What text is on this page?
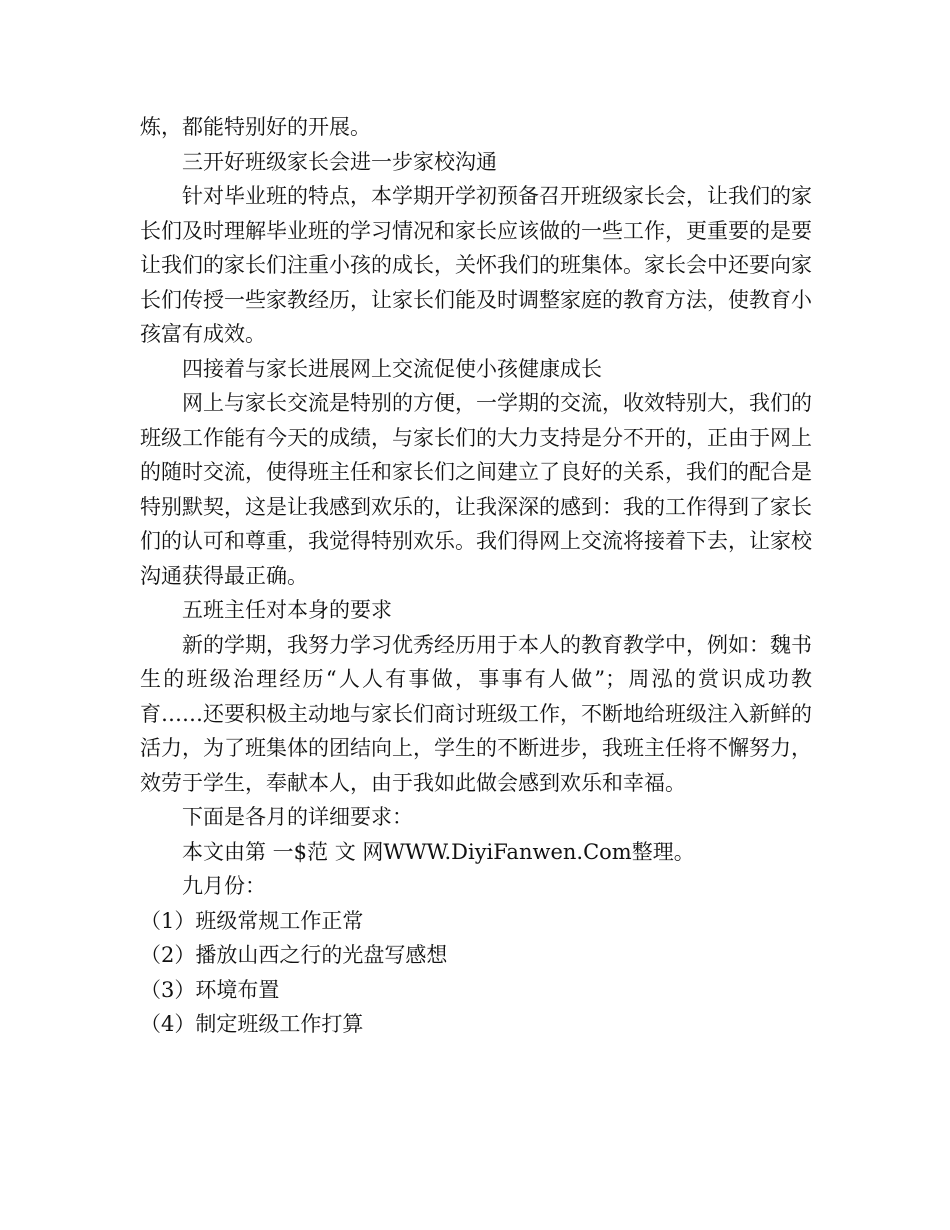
炼，都能特别好的开展。

三开好班级家长会进一步家校沟通

针对毕业班的特点，本学期开学初预备召开班级家长会，让我们的家长们及时理解毕业班的学习情况和家长应该做的一些工作，更重要的是要让我们的家长们注重小孩的成长，关怀我们的班集体。家长会中还要向家长们传授一些家教经历，让家长们能及时调整家庭的教育方法，使教育小孩富有成效。

四接着与家长进展网上交流促使小孩健康成长

网上与家长交流是特别的方便，一学期的交流，收效特别大，我们的班级工作能有今天的成绩，与家长们的大力支持是分不开的，正由于网上的随时交流，使得班主任和家长们之间建立了良好的关系，我们的配合是特别默契，这是让我感到欢乐的，让我深深的感到：我的工作得到了家长们的认可和尊重，我觉得特别欢乐。我们得网上交流将接着下去，让家校沟通获得最正确。

五班主任对本身的要求

新的学期，我努力学习优秀经历用于本人的教育教学中，例如：魏书生的班级治理经历“人人有事做，事事有人做”；周泓的赏识成功教育……还要积极主动地与家长们商讨班级工作，不断地给班级注入新鲜的活力，为了班集体的团结向上，学生的不断进步，我班主任将不懈努力，效劳于学生，奉献本人，由于我如此做会感到欢乐和幸福。

下面是各月的详细要求：

本文由第 一$范 文 网WWW.DiyiFanwen.Com整理。

九月份：

（1）班级常规工作正常

（2）播放山西之行的光盘写感想

（3）环境布置

（4）制定班级工作打算
